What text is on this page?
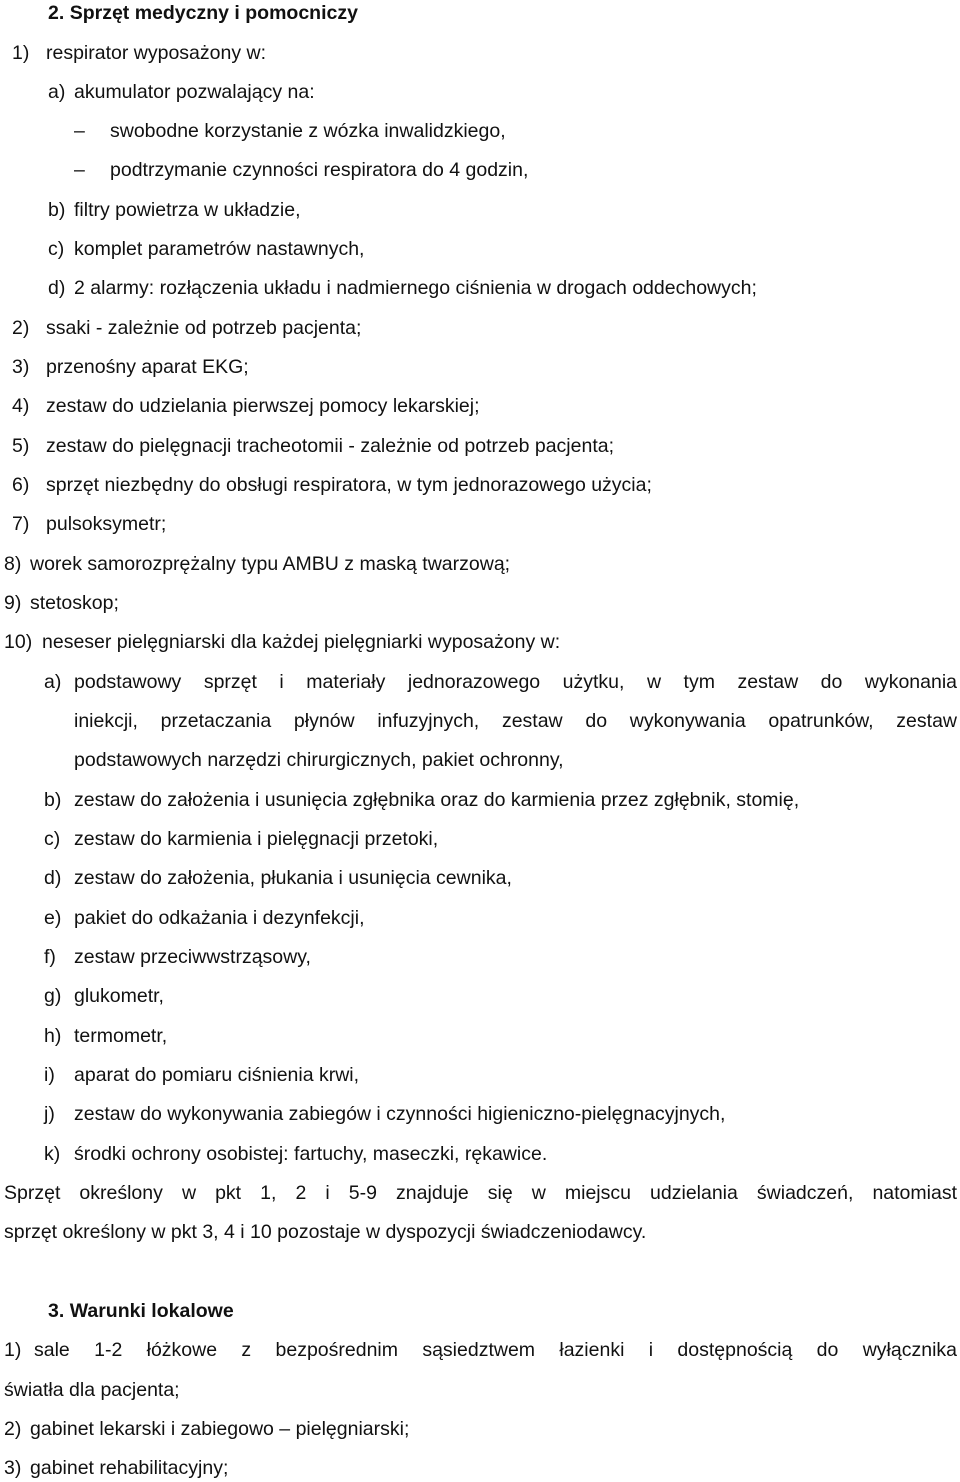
2. Sprzęt medyczny i pomocniczy
1) respirator wyposażony w:
a) akumulator pozwalający na:
– swobodne korzystanie z wózka inwalidzkiego,
– podtrzymanie czynności respiratora do 4 godzin,
b) filtry powietrza w układzie,
c) komplet parametrów nastawnych,
d) 2 alarmy: rozłączenia układu i nadmiernego ciśnienia w drogach oddechowych;
2) ssaki - zależnie od potrzeb pacjenta;
3) przenośny aparat EKG;
4) zestaw do udzielania pierwszej pomocy lekarskiej;
5) zestaw do pielęgnacji tracheotomii - zależnie od potrzeb pacjenta;
6) sprzęt niezbędny do obsługi respiratora, w tym jednorazowego użycia;
7) pulsoksymetr;
8) worek samorozprężalny typu AMBU z maską twarzową;
9) stetoskop;
10) neseser pielęgniarski dla każdej pielęgniarki wyposażony w:
a) podstawowy sprzęt i materiały jednorazowego użytku, w tym zestaw do wykonania
iniekcji, przetaczania płynów infuzyjnych, zestaw do wykonywania opatrunków, zestaw
podstawowych narzędzi chirurgicznych, pakiet ochronny,
b) zestaw do założenia i usunięcia zgłębnika oraz do karmienia przez zgłębnik, stomię,
c) zestaw do karmienia i pielęgnacji przetoki,
d) zestaw do założenia, płukania i usunięcia cewnika,
e) pakiet do odkażania i dezynfekcji,
f) zestaw przeciwwstrząsowy,
g) glukometr,
h) termometr,
i) aparat do pomiaru ciśnienia krwi,
j) zestaw do wykonywania zabiegów i czynności higieniczno-pielęgnacyjnych,
k) środki ochrony osobistej: fartuchy, maseczki, rękawice.
Sprzęt określony w pkt 1, 2 i 5-9 znajduje się w miejscu udzielania świadczeń, natomiast
sprzęt określony w pkt 3, 4 i 10 pozostaje w dyspozycji świadczeniodawcy.
3. Warunki lokalowe
1) sale 1-2 łóżkowe z bezpośrednim sąsiedztwem łazienki i dostępnością do wyłącznika
światła dla pacjenta;
2) gabinet lekarski i zabiegowo – pielęgniarski;
3) gabinet rehabilitacyjny;
